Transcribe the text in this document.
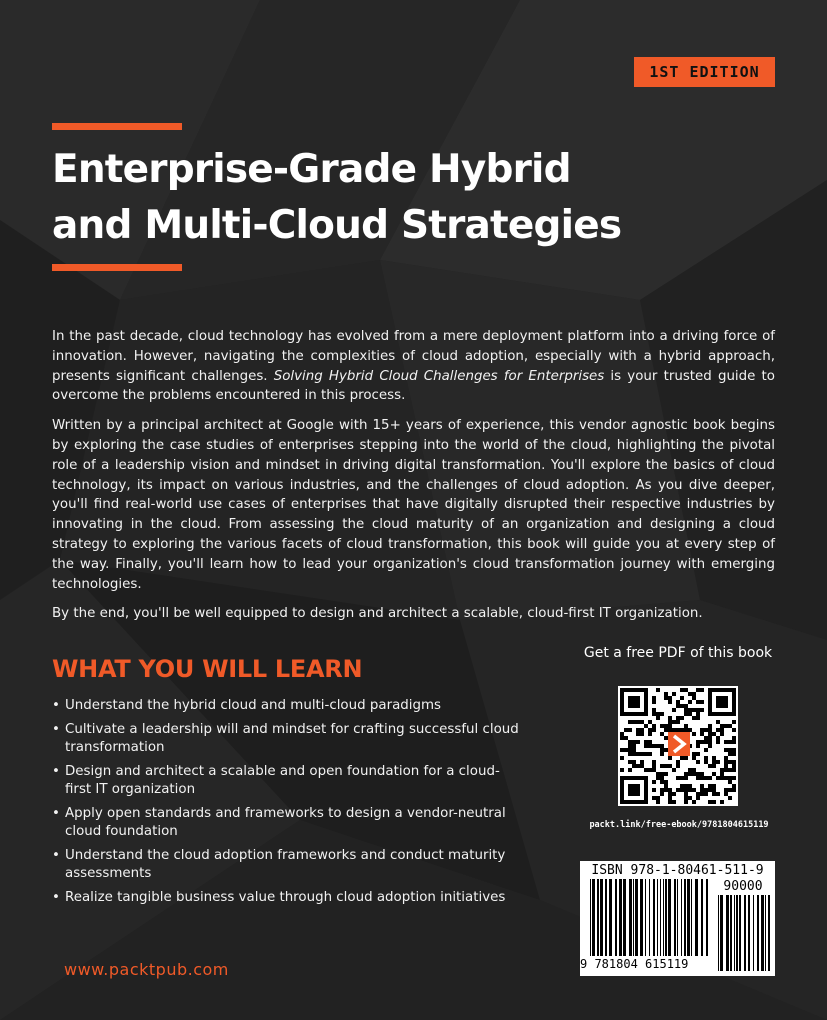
1ST EDITION
Enterprise-Grade Hybrid
and Multi-Cloud Strategies

In the past decade, cloud technology has evolved from a mere deployment platform into a driving force of innovation. However, navigating the complexities of cloud adoption, especially with a hybrid approach, presents significant challenges. Solving Hybrid Cloud Challenges for Enterprises is your trusted guide to overcome the problems encountered in this process.

Written by a principal architect at Google with 15+ years of experience, this vendor agnostic book begins by exploring the case studies of enterprises stepping into the world of the cloud, highlighting the pivotal role of a leadership vision and mindset in driving digital transformation. You'll explore the basics of cloud technology, its impact on various industries, and the challenges of cloud adoption. As you dive deeper, you'll find real-world use cases of enterprises that have digitally disrupted their respective industries by innovating in the cloud. From assessing the cloud maturity of an organization and designing a cloud strategy to exploring the various facets of cloud transformation, this book will guide you at every step of the way. Finally, you'll learn how to lead your organization's cloud transformation journey with emerging technologies.

By the end, you'll be well equipped to design and architect a scalable, cloud-first IT organization.

WHAT YOU WILL LEARN
• Understand the hybrid cloud and multi-cloud paradigms
• Cultivate a leadership will and mindset for crafting successful cloud transformation
• Design and architect a scalable and open foundation for a cloud-first IT organization
• Apply open standards and frameworks to design a vendor-neutral cloud foundation
• Understand the cloud adoption frameworks and conduct maturity assessments
• Realize tangible business value through cloud adoption initiatives
Get a free PDF of this book
packt.link/free-ebook/9781804615119
ISBN 978-1-80461-511-9
90000
9 781804 615119
www.packtpub.com
